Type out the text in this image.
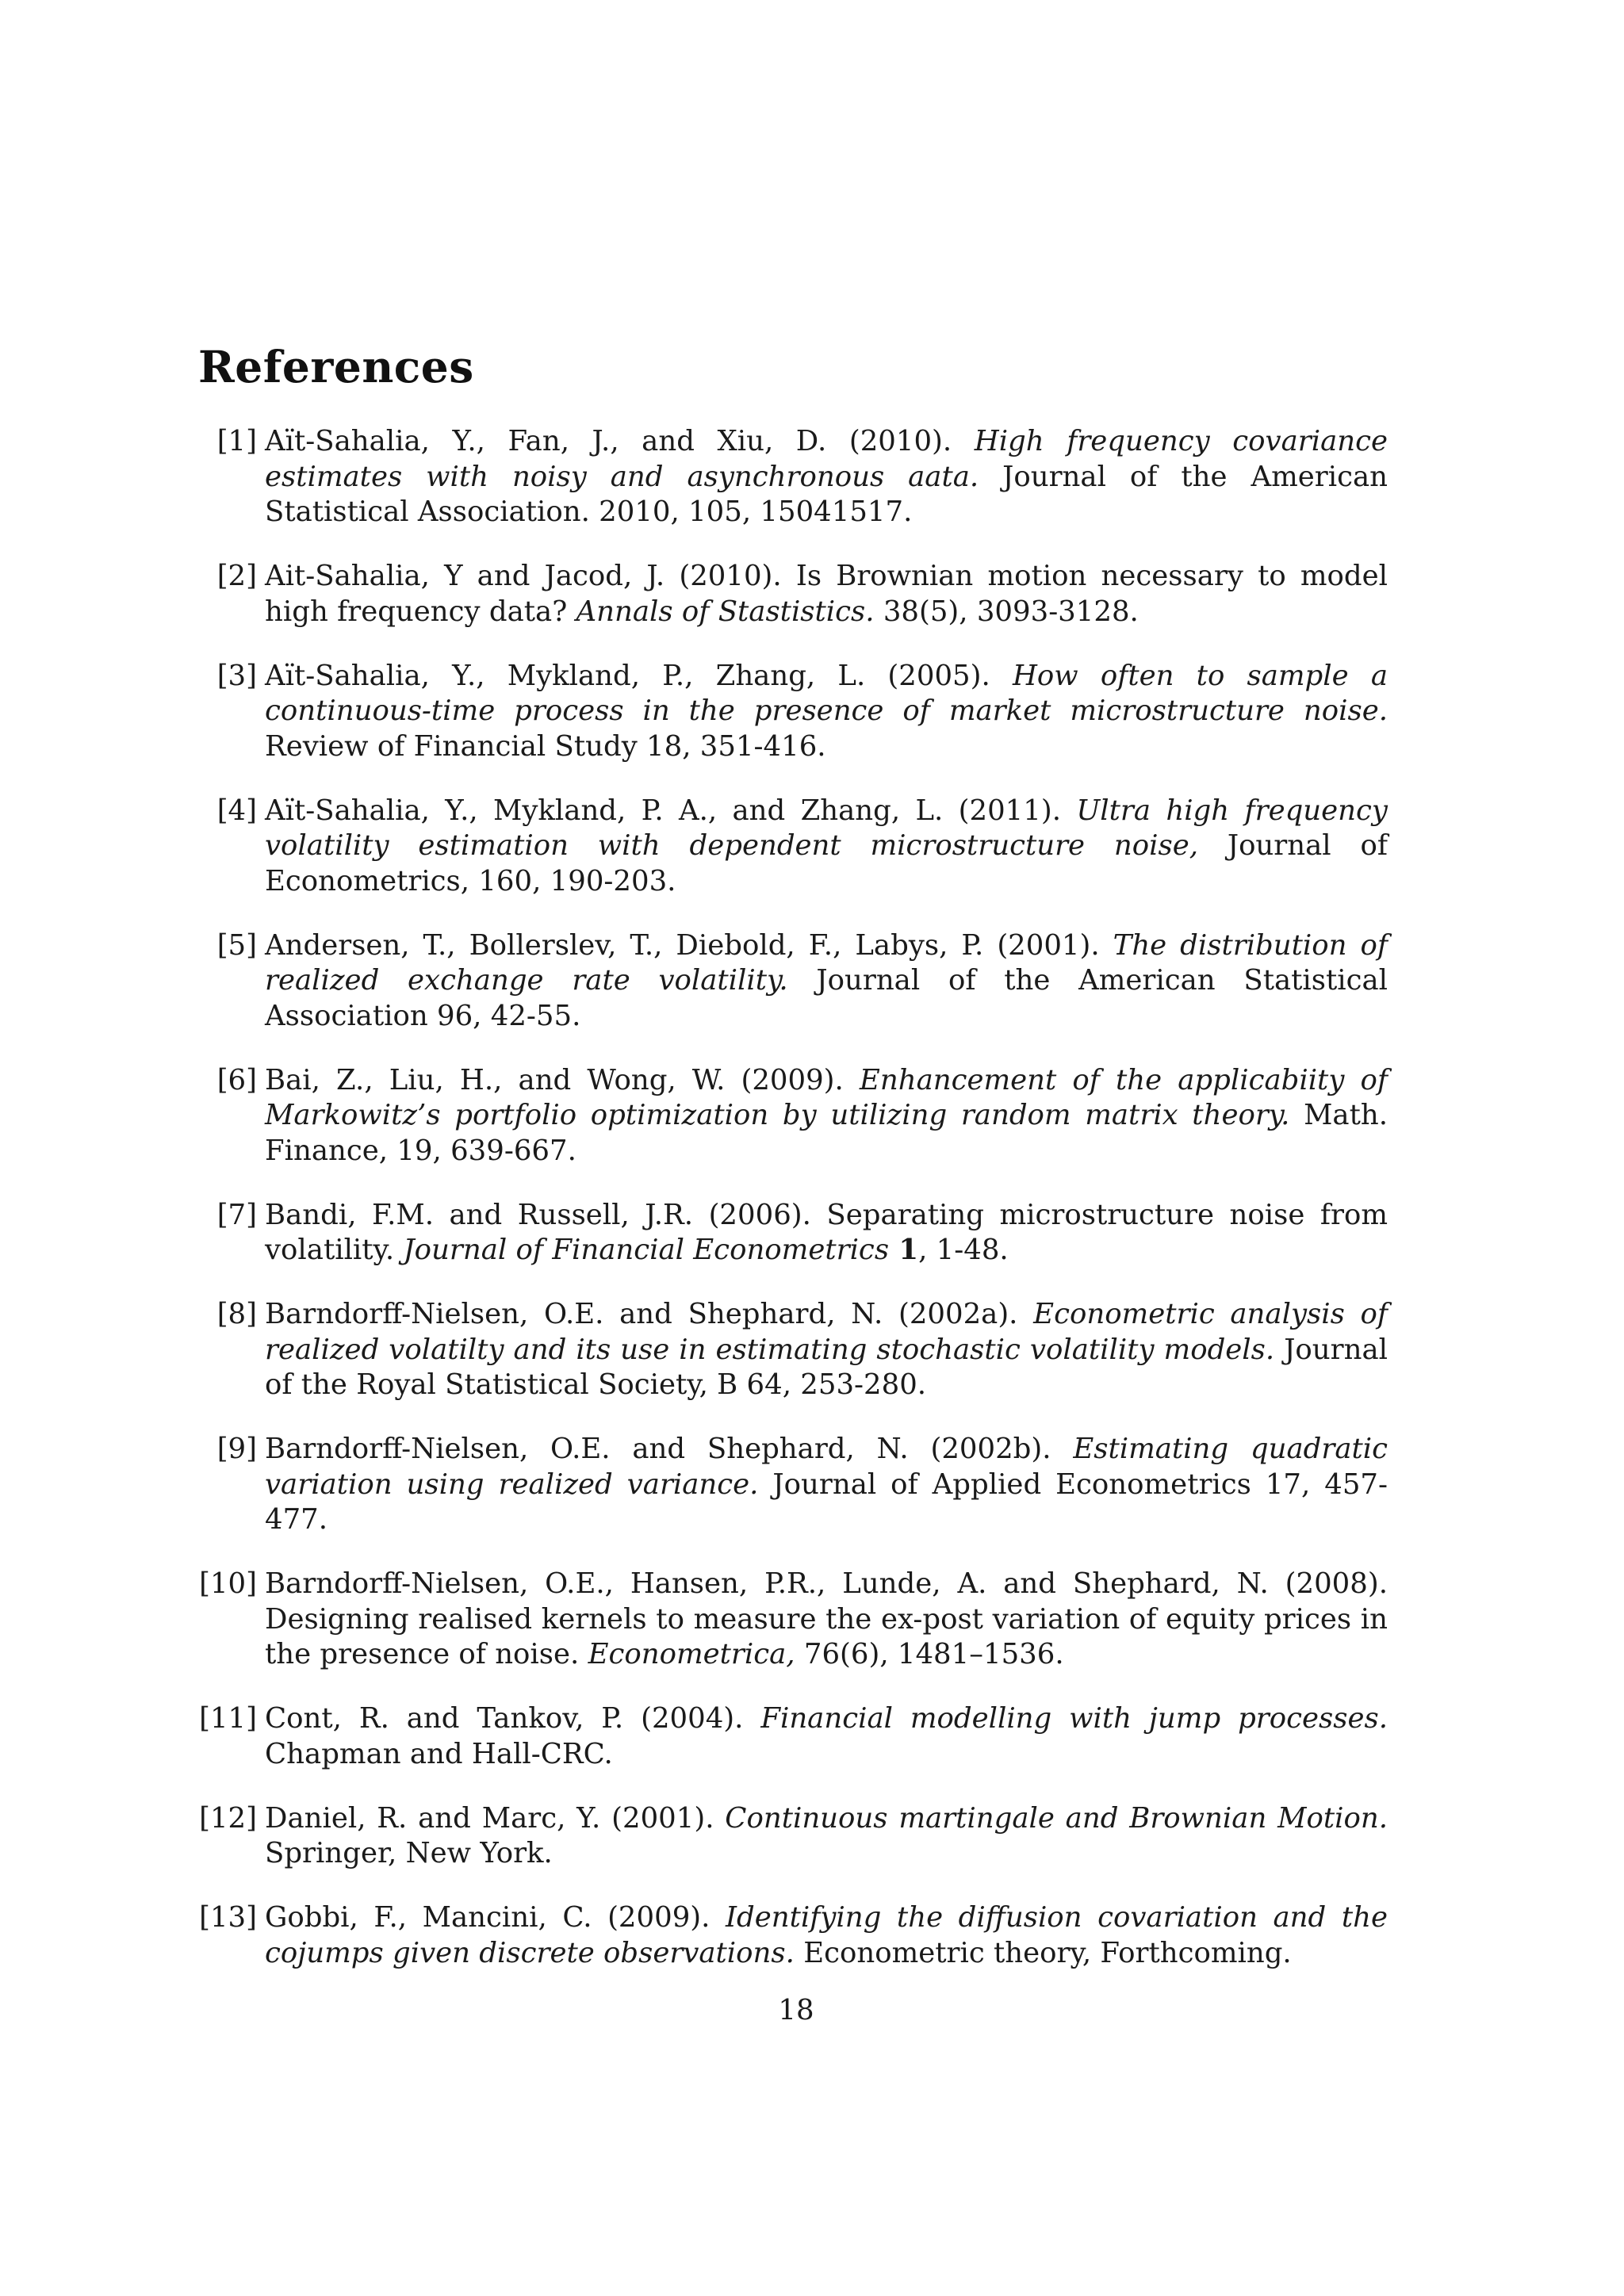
References
[1] Aït-Sahalia, Y., Fan, J., and Xiu, D. (2010). High frequency covariance estimates with noisy and asynchronous aata. Journal of the American Statistical Association. 2010, 105, 15041517.
[2] Ait-Sahalia, Y and Jacod, J. (2010). Is Brownian motion necessary to model high frequency data? Annals of Stastistics. 38(5), 3093-3128.
[3] Aït-Sahalia, Y., Mykland, P., Zhang, L. (2005). How often to sample a continuous-time process in the presence of market microstructure noise. Review of Financial Study 18, 351-416.
[4] Aït-Sahalia, Y., Mykland, P. A., and Zhang, L. (2011). Ultra high frequency volatility estimation with dependent microstructure noise, Journal of Econometrics, 160, 190-203.
[5] Andersen, T., Bollerslev, T., Diebold, F., Labys, P. (2001). The distribution of realized exchange rate volatility. Journal of the American Statistical Association 96, 42-55.
[6] Bai, Z., Liu, H., and Wong, W. (2009). Enhancement of the applicabiity of Markowitz’s portfolio optimization by utilizing random matrix theory. Math. Finance, 19, 639-667.
[7] Bandi, F.M. and Russell, J.R. (2006). Separating microstructure noise from volatility. Journal of Financial Econometrics 1, 1-48.
[8] Barndorff-Nielsen, O.E. and Shephard, N. (2002a). Econometric analysis of realized volatilty and its use in estimating stochastic volatility models. Journal of the Royal Statistical Society, B 64, 253-280.
[9] Barndorff-Nielsen, O.E. and Shephard, N. (2002b). Estimating quadratic variation using realized variance. Journal of Applied Econometrics 17, 457-477.
[10] Barndorff-Nielsen, O.E., Hansen, P.R., Lunde, A. and Shephard, N. (2008). Designing realised kernels to measure the ex-post variation of equity prices in the presence of noise. Econometrica, 76(6), 1481–1536.
[11] Cont, R. and Tankov, P. (2004). Financial modelling with jump processes. Chapman and Hall-CRC.
[12] Daniel, R. and Marc, Y. (2001). Continuous martingale and Brownian Motion. Springer, New York.
[13] Gobbi, F., Mancini, C. (2009). Identifying the diffusion covariation and the cojumps given discrete observations. Econometric theory, Forthcoming.
18
